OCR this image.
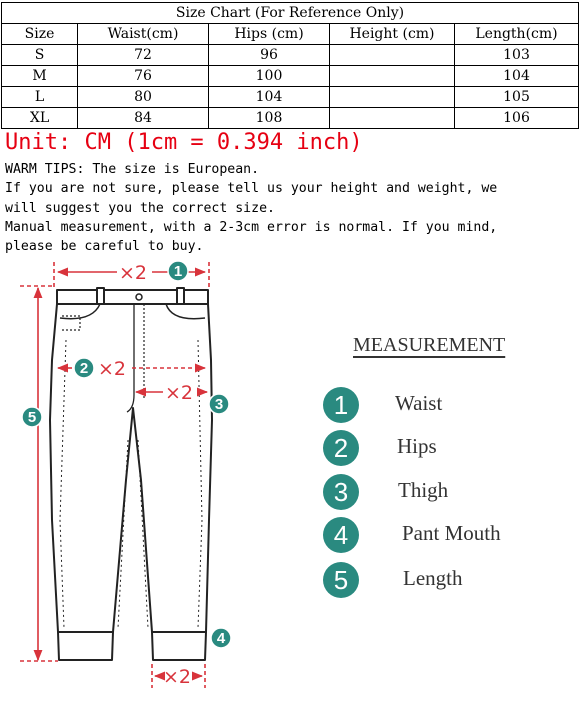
Size Chart (For Reference Only)				
Size	Waist(cm)	Hips (cm)	Height (cm)	Length(cm)
S	72	96		103
M	76	100		104
L	80	104		105
XL	84	108		106
Unit: CM (1cm = 0.394 inch)
WARM TIPS: The size is European.
If you are not sure, please tell us your height and weight, we
will suggest you the correct size.
Manual measurement, with a 2-3cm error is normal. If you mind,
please be careful to buy.
×2
×2
×2
×2
1
2
3
4
5
MEASUREMENT
1	Waist
2	Hips
3	Thigh
4	Pant Mouth
5	Length
